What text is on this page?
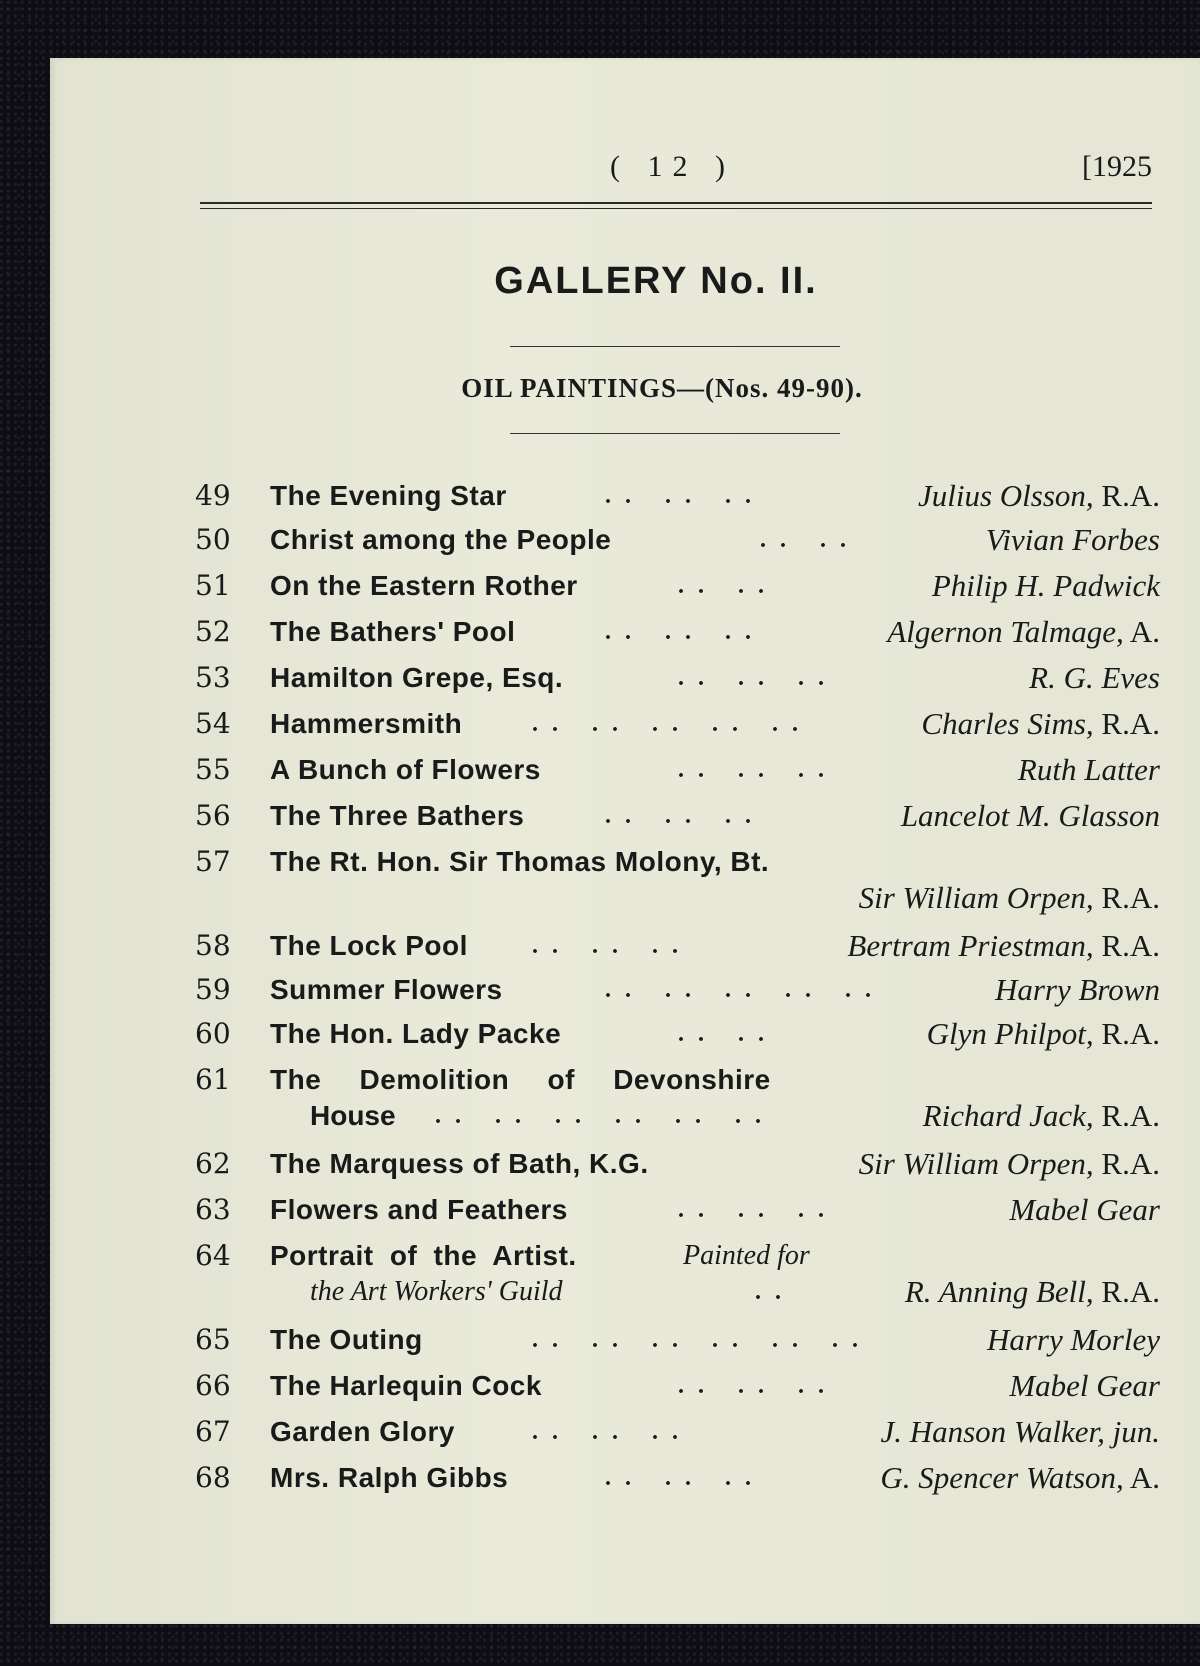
( 12 )	[1925
GALLERY No. II.
OIL PAINTINGS—(Nos. 49-90).
49	The Evening Star	.. .. ..	Julius Olsson, R.A.
50	Christ among the People	.. ..	Vivian Forbes
51	On the Eastern Rother	.. ..	Philip H. Padwick
52	The Bathers' Pool	.. .. ..	Algernon Talmage, A.
53	Hamilton Grepe, Esq.	.. .. ..	R. G. Eves
54	Hammersmith	.. .. .. .. ..	Charles Sims, R.A.
55	A Bunch of Flowers	.. .. ..	Ruth Latter
56	The Three Bathers	.. .. ..	Lancelot M. Glasson
57	The Rt. Hon. Sir Thomas Molony, Bt.
Sir William Orpen, R.A.
58	The Lock Pool	.. .. ..	Bertram Priestman, R.A.
59	Summer Flowers	.. .. .. .. ..	Harry Brown
60	The Hon. Lady Packe	.. ..	Glyn Philpot, R.A.
61	The Demolition of Devonshire
House .. .. .. .. .. ..	Richard Jack, R.A.
62	The Marquess of Bath, K.G.	Sir William Orpen, R.A.
63	Flowers and Feathers	.. .. ..	Mabel Gear
64	Portrait of the Artist.	Painted for
the Art Workers' Guild	..	R. Anning Bell, R.A.
65	The Outing	.. .. .. .. .. ..	Harry Morley
66	The Harlequin Cock	.. .. ..	Mabel Gear
67	Garden Glory	.. .. ..	J. Hanson Walker, jun.
68	Mrs. Ralph Gibbs	.. .. ..	G. Spencer Watson, A.
